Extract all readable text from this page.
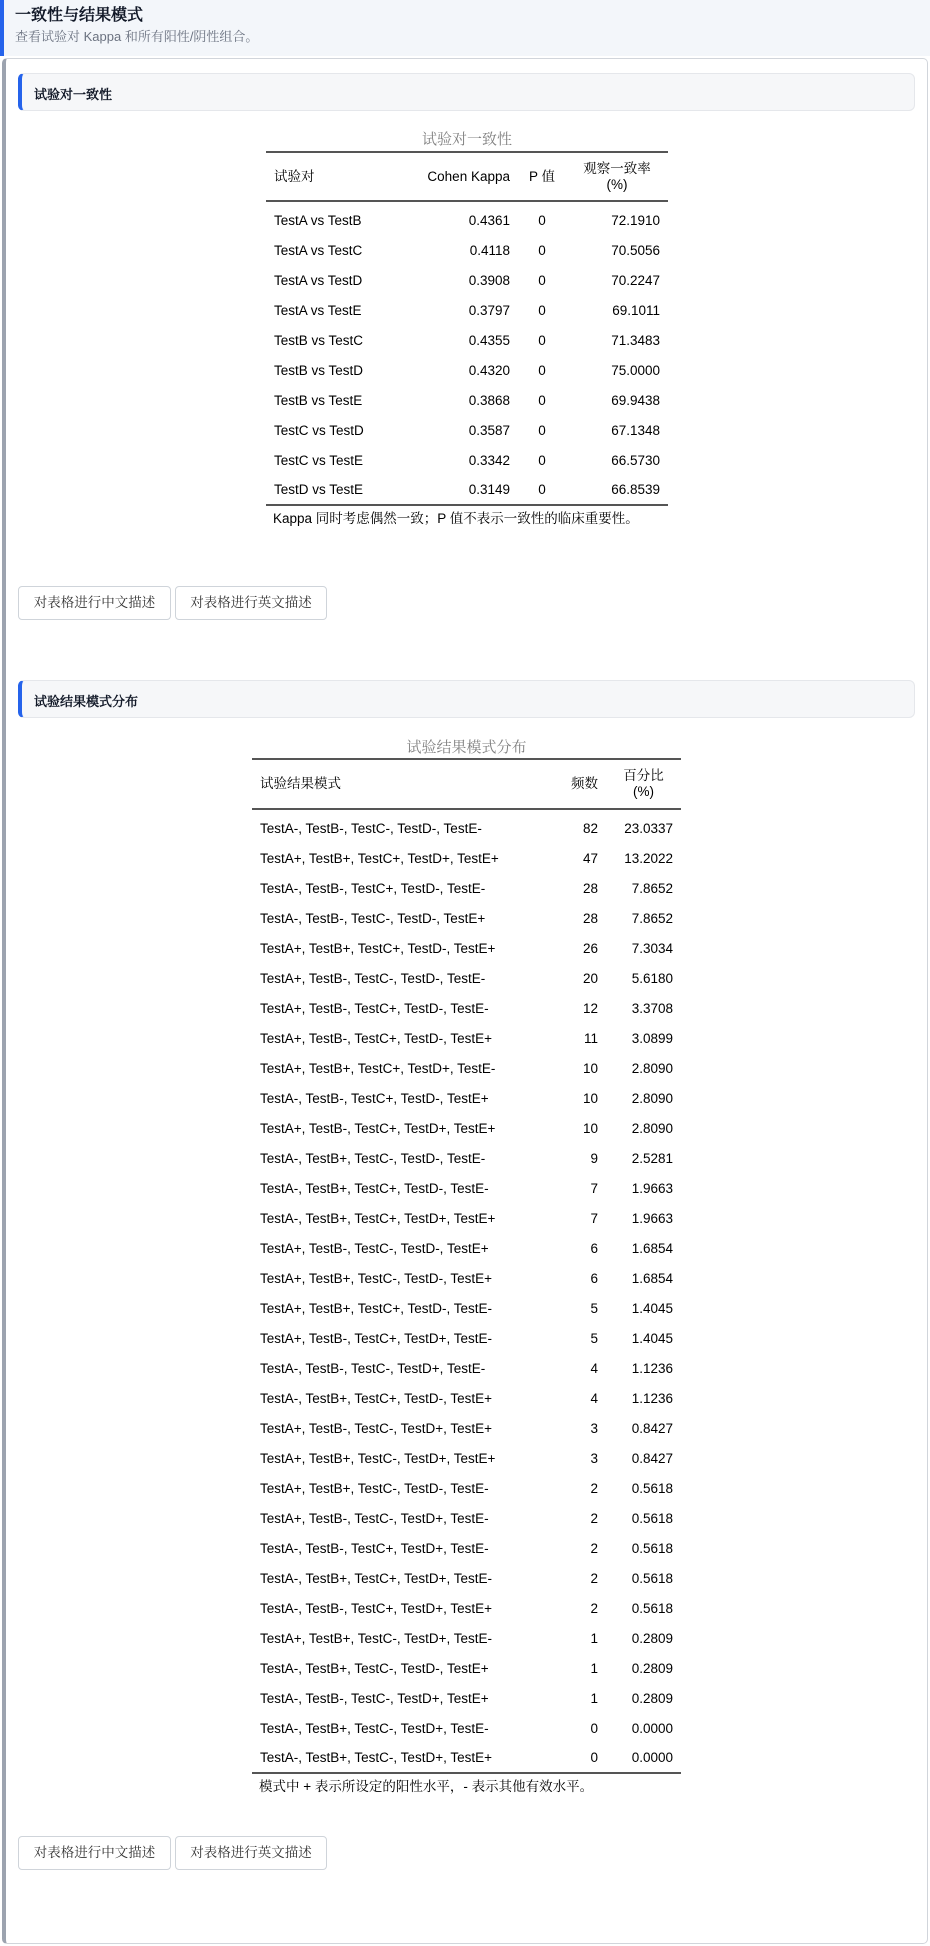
一致性与结果模式
查看试验对 Kappa 和所有阳性/阴性组合。
试验对一致性
试验对一致性
试验对	Cohen Kappa	P 值	观察一致率
(%)
TestA vs TestB	0.4361	0	72.1910
TestA vs TestC	0.4118	0	70.5056
TestA vs TestD	0.3908	0	70.2247
TestA vs TestE	0.3797	0	69.1011
TestB vs TestC	0.4355	0	71.3483
TestB vs TestD	0.4320	0	75.0000
TestB vs TestE	0.3868	0	69.9438
TestC vs TestD	0.3587	0	67.1348
TestC vs TestE	0.3342	0	66.5730
TestD vs TestE	0.3149	0	66.8539
Kappa 同时考虑偶然一致；P 值不表示一致性的临床重要性。
对表格进行中文描述	对表格进行英文描述
试验结果模式分布
试验结果模式分布
试验结果模式	频数	百分比
(%)
TestA-, TestB-, TestC-, TestD-, TestE-	82	23.0337
TestA+, TestB+, TestC+, TestD+, TestE+	47	13.2022
TestA-, TestB-, TestC+, TestD-, TestE-	28	7.8652
TestA-, TestB-, TestC-, TestD-, TestE+	28	7.8652
TestA+, TestB+, TestC+, TestD-, TestE+	26	7.3034
TestA+, TestB-, TestC-, TestD-, TestE-	20	5.6180
TestA+, TestB-, TestC+, TestD-, TestE-	12	3.3708
TestA+, TestB-, TestC+, TestD-, TestE+	11	3.0899
TestA+, TestB+, TestC+, TestD+, TestE-	10	2.8090
TestA-, TestB-, TestC+, TestD-, TestE+	10	2.8090
TestA+, TestB-, TestC+, TestD+, TestE+	10	2.8090
TestA-, TestB+, TestC-, TestD-, TestE-	9	2.5281
TestA-, TestB+, TestC+, TestD-, TestE-	7	1.9663
TestA-, TestB+, TestC+, TestD+, TestE+	7	1.9663
TestA+, TestB-, TestC-, TestD-, TestE+	6	1.6854
TestA+, TestB+, TestC-, TestD-, TestE+	6	1.6854
TestA+, TestB+, TestC+, TestD-, TestE-	5	1.4045
TestA+, TestB-, TestC+, TestD+, TestE-	5	1.4045
TestA-, TestB-, TestC-, TestD+, TestE-	4	1.1236
TestA-, TestB+, TestC+, TestD-, TestE+	4	1.1236
TestA+, TestB-, TestC-, TestD+, TestE+	3	0.8427
TestA+, TestB+, TestC-, TestD+, TestE+	3	0.8427
TestA+, TestB+, TestC-, TestD-, TestE-	2	0.5618
TestA+, TestB-, TestC-, TestD+, TestE-	2	0.5618
TestA-, TestB-, TestC+, TestD+, TestE-	2	0.5618
TestA-, TestB+, TestC+, TestD+, TestE-	2	0.5618
TestA-, TestB-, TestC+, TestD+, TestE+	2	0.5618
TestA+, TestB+, TestC-, TestD+, TestE-	1	0.2809
TestA-, TestB+, TestC-, TestD-, TestE+	1	0.2809
TestA-, TestB-, TestC-, TestD+, TestE+	1	0.2809
TestA-, TestB+, TestC-, TestD+, TestE-	0	0.0000
TestA-, TestB+, TestC-, TestD+, TestE+	0	0.0000
模式中 + 表示所设定的阳性水平，- 表示其他有效水平。
对表格进行中文描述	对表格进行英文描述
